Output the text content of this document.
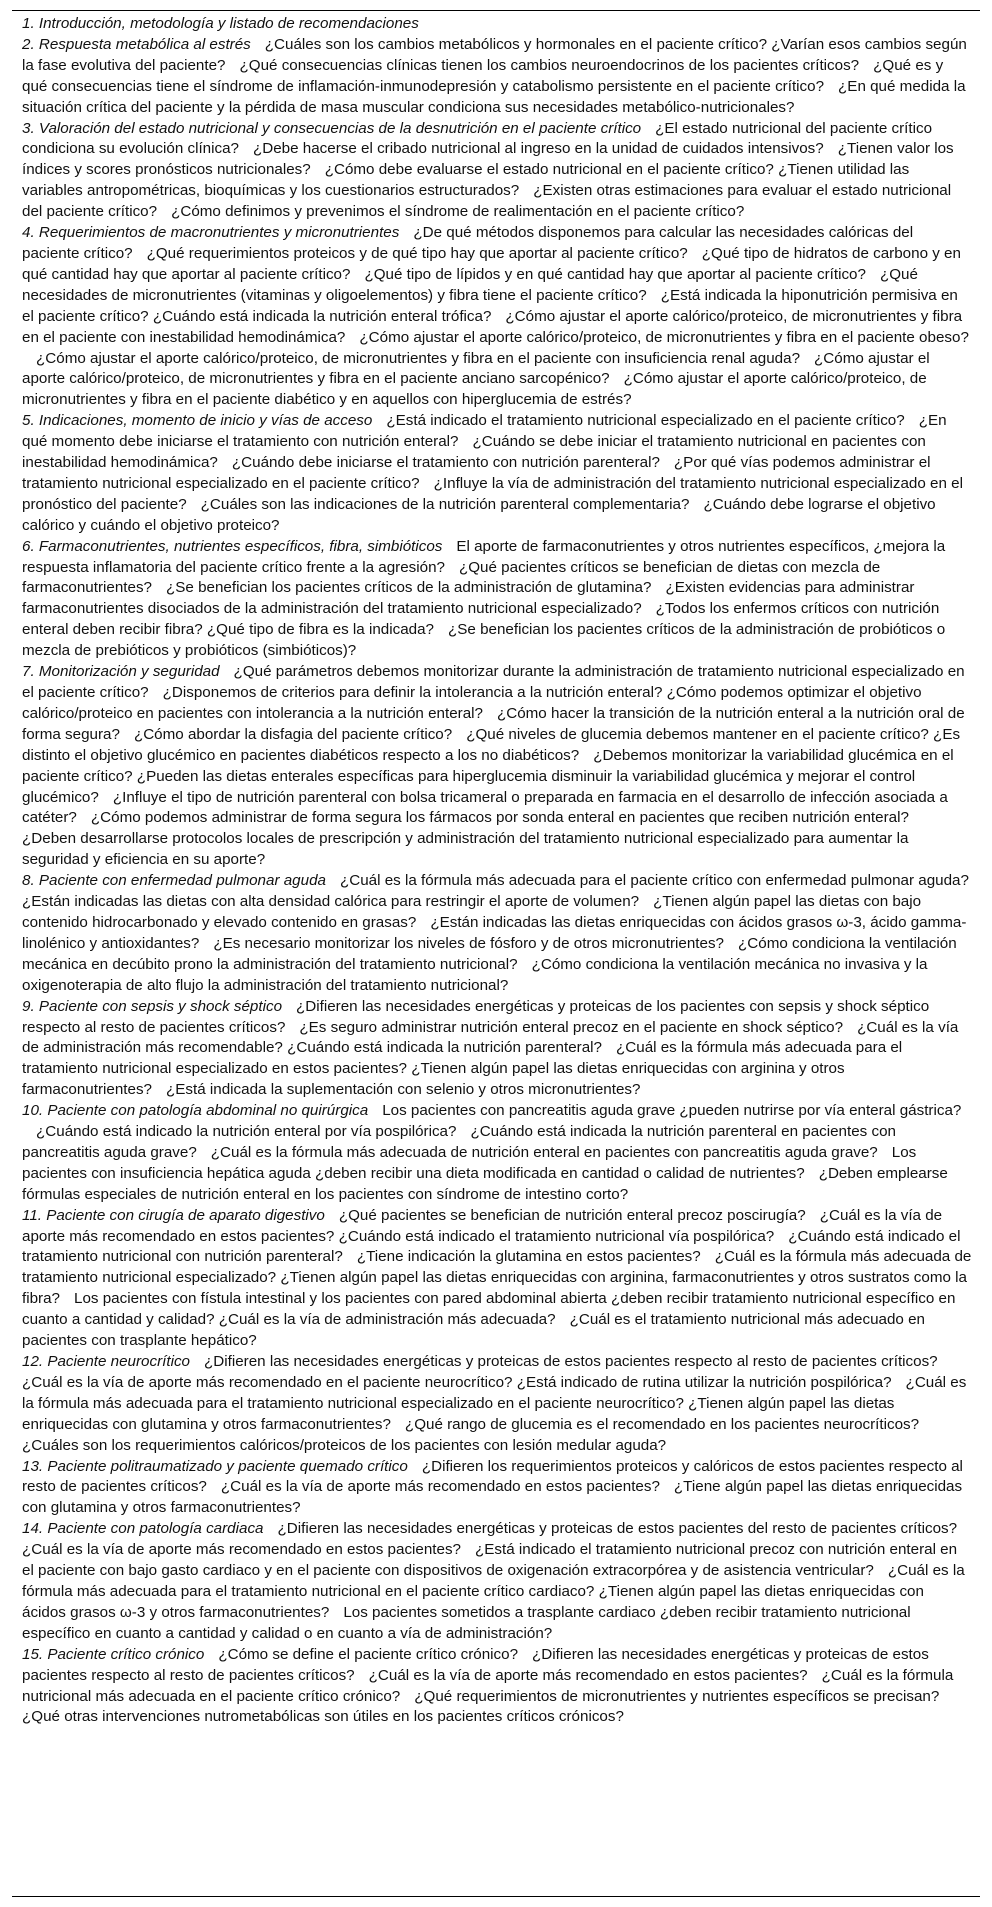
1. Introducción, metodología y listado de recomendaciones

2. Respuesta metabólica al estrés ¿Cuáles son los cambios metabólicos y hormonales en el paciente crítico? ¿Varían esos cambios según la fase evolutiva del paciente? ¿Qué consecuencias clínicas tienen los cambios neuroendocrinos de los pacientes críticos? ¿Qué es y qué consecuencias tiene el síndrome de inflamación-inmunodepresión y catabolismo persistente en el paciente crítico? ¿En qué medida la situación crítica del paciente y la pérdida de masa muscular condiciona sus necesidades metabólico-nutricionales?

3. Valoración del estado nutricional y consecuencias de la desnutrición en el paciente crítico ¿El estado nutricional del paciente crítico condiciona su evolución clínica? ¿Debe hacerse el cribado nutricional al ingreso en la unidad de cuidados intensivos? ¿Tienen valor los índices y scores pronósticos nutricionales? ¿Cómo debe evaluarse el estado nutricional en el paciente crítico? ¿Tienen utilidad las variables antropométricas, bioquímicas y los cuestionarios estructurados? ¿Existen otras estimaciones para evaluar el estado nutricional del paciente crítico? ¿Cómo definimos y prevenimos el síndrome de realimentación en el paciente crítico?

4. Requerimientos de macronutrientes y micronutrientes ¿De qué métodos disponemos para calcular las necesidades calóricas del paciente crítico? ¿Qué requerimientos proteicos y de qué tipo hay que aportar al paciente crítico? ¿Qué tipo de hidratos de carbono y en qué cantidad hay que aportar al paciente crítico? ¿Qué tipo de lípidos y en qué cantidad hay que aportar al paciente crítico? ¿Qué necesidades de micronutrientes (vitaminas y oligoelementos) y fibra tiene el paciente crítico? ¿Está indicada la hiponutrición permisiva en el paciente crítico? ¿Cuándo está indicada la nutrición enteral trófica? ¿Cómo ajustar el aporte calórico/proteico, de micronutrientes y fibra en el paciente con inestabilidad hemodinámica? ¿Cómo ajustar el aporte calórico/proteico, de micronutrientes y fibra en el paciente obeso?¿Cómo ajustar el aporte calórico/proteico, de micronutrientes y fibra en el paciente con insuficiencia renal aguda? ¿Cómo ajustar el aporte calórico/proteico, de micronutrientes y fibra en el paciente anciano sarcopénico? ¿Cómo ajustar el aporte calórico/proteico, de micronutrientes y fibra en el paciente diabético y en aquellos con hiperglucemia de estrés?

5. Indicaciones, momento de inicio y vías de acceso ¿Está indicado el tratamiento nutricional especializado en el paciente crítico? ¿En qué momento debe iniciarse el tratamiento con nutrición enteral? ¿Cuándo se debe iniciar el tratamiento nutricional en pacientes con inestabilidad hemodinámica? ¿Cuándo debe iniciarse el tratamiento con nutrición parenteral? ¿Por qué vías podemos administrar el tratamiento nutricional especializado en el paciente crítico? ¿Influye la vía de administración del tratamiento nutricional especializado en el pronóstico del paciente? ¿Cuáles son las indicaciones de la nutrición parenteral complementaria? ¿Cuándo debe lograrse el objetivo calórico y cuándo el objetivo proteico?

6. Farmaconutrientes, nutrientes específicos, fibra, simbióticos El aporte de farmaconutrientes y otros nutrientes específicos, ¿mejora la respuesta inflamatoria del paciente crítico frente a la agresión? ¿Qué pacientes críticos se benefician de dietas con mezcla de farmaconutrientes? ¿Se benefician los pacientes críticos de la administración de glutamina? ¿Existen evidencias para administrar farmaconutrientes disociados de la administración del tratamiento nutricional especializado? ¿Todos los enfermos críticos con nutrición enteral deben recibir fibra? ¿Qué tipo de fibra es la indicada? ¿Se benefician los pacientes críticos de la administración de probióticos o mezcla de prebióticos y probióticos (simbióticos)?

7. Monitorización y seguridad ¿Qué parámetros debemos monitorizar durante la administración de tratamiento nutricional especializado en el paciente crítico? ¿Disponemos de criterios para definir la intolerancia a la nutrición enteral? ¿Cómo podemos optimizar el objetivo calórico/proteico en pacientes con intolerancia a la nutrición enteral? ¿Cómo hacer la transición de la nutrición enteral a la nutrición oral de forma segura? ¿Cómo abordar la disfagia del paciente crítico? ¿Qué niveles de glucemia debemos mantener en el paciente crítico? ¿Es distinto el objetivo glucémico en pacientes diabéticos respecto a los no diabéticos? ¿Debemos monitorizar la variabilidad glucémica en el paciente crítico? ¿Pueden las dietas enterales específicas para hiperglucemia disminuir la variabilidad glucémica y mejorar el control glucémico? ¿Influye el tipo de nutrición parenteral con bolsa tricameral o preparada en farmacia en el desarrollo de infección asociada a catéter? ¿Cómo podemos administrar de forma segura los fármacos por sonda enteral en pacientes que reciben nutrición enteral?¿Deben desarrollarse protocolos locales de prescripción y administración del tratamiento nutricional especializado para aumentar la seguridad y eficiencia en su aporte?

8. Paciente con enfermedad pulmonar aguda ¿Cuál es la fórmula más adecuada para el paciente crítico con enfermedad pulmonar aguda? ¿Están indicadas las dietas con alta densidad calórica para restringir el aporte de volumen? ¿Tienen algún papel las dietas con bajo contenido hidrocarbonado y elevado contenido en grasas? ¿Están indicadas las dietas enriquecidas con ácidos grasos ω-3, ácido gamma-linolénico y antioxidantes? ¿Es necesario monitorizar los niveles de fósforo y de otros micronutrientes? ¿Cómo condiciona la ventilación mecánica en decúbito prono la administración del tratamiento nutricional? ¿Cómo condiciona la ventilación mecánica no invasiva y la oxigenoterapia de alto flujo la administración del tratamiento nutricional?

9. Paciente con sepsis y shock séptico ¿Difieren las necesidades energéticas y proteicas de los pacientes con sepsis y shock séptico respecto al resto de pacientes críticos? ¿Es seguro administrar nutrición enteral precoz en el paciente en shock séptico? ¿Cuál es la vía de administración más recomendable? ¿Cuándo está indicada la nutrición parenteral? ¿Cuál es la fórmula más adecuada para el tratamiento nutricional especializado en estos pacientes? ¿Tienen algún papel las dietas enriquecidas con arginina y otros farmaconutrientes? ¿Está indicada la suplementación con selenio y otros micronutrientes?

10. Paciente con patología abdominal no quirúrgica Los pacientes con pancreatitis aguda grave ¿pueden nutrirse por vía enteral gástrica?¿Cuándo está indicado la nutrición enteral por vía pospilórica? ¿Cuándo está indicada la nutrición parenteral en pacientes con pancreatitis aguda grave? ¿Cuál es la fórmula más adecuada de nutrición enteral en pacientes con pancreatitis aguda grave? Los pacientes con insuficiencia hepática aguda ¿deben recibir una dieta modificada en cantidad o calidad de nutrientes? ¿Deben emplearse fórmulas especiales de nutrición enteral en los pacientes con síndrome de intestino corto?

11. Paciente con cirugía de aparato digestivo ¿Qué pacientes se benefician de nutrición enteral precoz poscirugía? ¿Cuál es la vía de aporte más recomendado en estos pacientes? ¿Cuándo está indicado el tratamiento nutricional vía pospilórica? ¿Cuándo está indicado el tratamiento nutricional con nutrición parenteral? ¿Tiene indicación la glutamina en estos pacientes? ¿Cuál es la fórmula más adecuada de tratamiento nutricional especializado? ¿Tienen algún papel las dietas enriquecidas con arginina, farmaconutrientes y otros sustratos como la fibra? Los pacientes con fístula intestinal y los pacientes con pared abdominal abierta ¿deben recibir tratamiento nutricional específico en cuanto a cantidad y calidad? ¿Cuál es la vía de administración más adecuada? ¿Cuál es el tratamiento nutricional más adecuado en pacientes con trasplante hepático?

12. Paciente neurocrítico ¿Difieren las necesidades energéticas y proteicas de estos pacientes respecto al resto de pacientes críticos?¿Cuál es la vía de aporte más recomendado en el paciente neurocrítico? ¿Está indicado de rutina utilizar la nutrición pospilórica? ¿Cuál es la fórmula más adecuada para el tratamiento nutricional especializado en el paciente neurocrítico? ¿Tienen algún papel las dietas enriquecidas con glutamina y otros farmaconutrientes? ¿Qué rango de glucemia es el recomendado en los pacientes neurocríticos?¿Cuáles son los requerimientos calóricos/proteicos de los pacientes con lesión medular aguda?

13. Paciente politraumatizado y paciente quemado crítico ¿Difieren los requerimientos proteicos y calóricos de estos pacientes respecto al resto de pacientes críticos? ¿Cuál es la vía de aporte más recomendado en estos pacientes? ¿Tiene algún papel las dietas enriquecidas con glutamina y otros farmaconutrientes?

14. Paciente con patología cardiaca ¿Difieren las necesidades energéticas y proteicas de estos pacientes del resto de pacientes críticos?¿Cuál es la vía de aporte más recomendado en estos pacientes? ¿Está indicado el tratamiento nutricional precoz con nutrición enteral en el paciente con bajo gasto cardiaco y en el paciente con dispositivos de oxigenación extracorpórea y de asistencia ventricular? ¿Cuál es la fórmula más adecuada para el tratamiento nutricional en el paciente crítico cardiaco? ¿Tienen algún papel las dietas enriquecidas con ácidos grasos ω-3 y otros farmaconutrientes? Los pacientes sometidos a trasplante cardiaco ¿deben recibir tratamiento nutricional específico en cuanto a cantidad y calidad o en cuanto a vía de administración?

15. Paciente crítico crónico ¿Cómo se define el paciente crítico crónico? ¿Difieren las necesidades energéticas y proteicas de estos pacientes respecto al resto de pacientes críticos? ¿Cuál es la vía de aporte más recomendado en estos pacientes? ¿Cuál es la fórmula nutricional más adecuada en el paciente crítico crónico? ¿Qué requerimientos de micronutrientes y nutrientes específicos se precisan?¿Qué otras intervenciones nutrometabólicas son útiles en los pacientes críticos crónicos?
